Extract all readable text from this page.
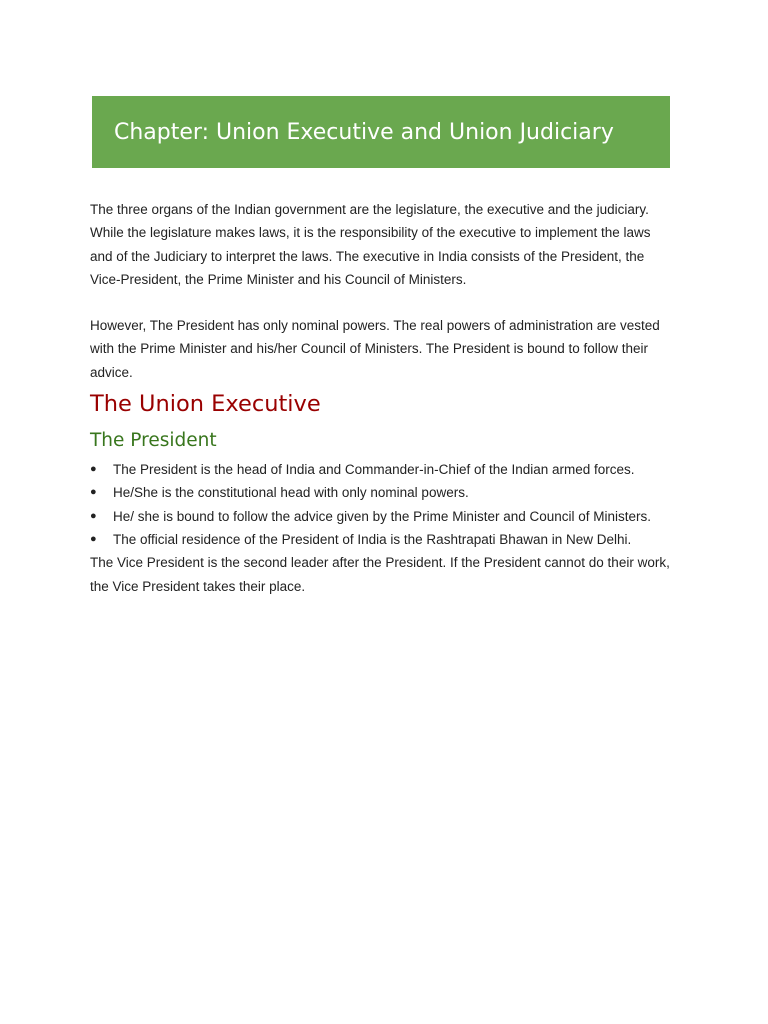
Chapter: Union Executive and Union Judiciary

The three organs of the Indian government are the legislature, the executive and the judiciary. While the legislature makes laws, it is the responsibility of the executive to implement the laws and of the Judiciary to interpret the laws. The executive in India consists of the President, the Vice-President, the Prime Minister and his Council of Ministers.

However, The President has only nominal powers. The real powers of administration are vested with the Prime Minister and his/her Council of Ministers. The President is bound to follow their advice.

The Union Executive
The President
● The President is the head of India and Commander-in-Chief of the Indian armed forces.
● He/She is the constitutional head with only nominal powers.
● He/ she is bound to follow the advice given by the Prime Minister and Council of Ministers.
● The official residence of the President of India is the Rashtrapati Bhawan in New Delhi.

The Vice President is the second leader after the President. If the President cannot do their work, the Vice President takes their place.
